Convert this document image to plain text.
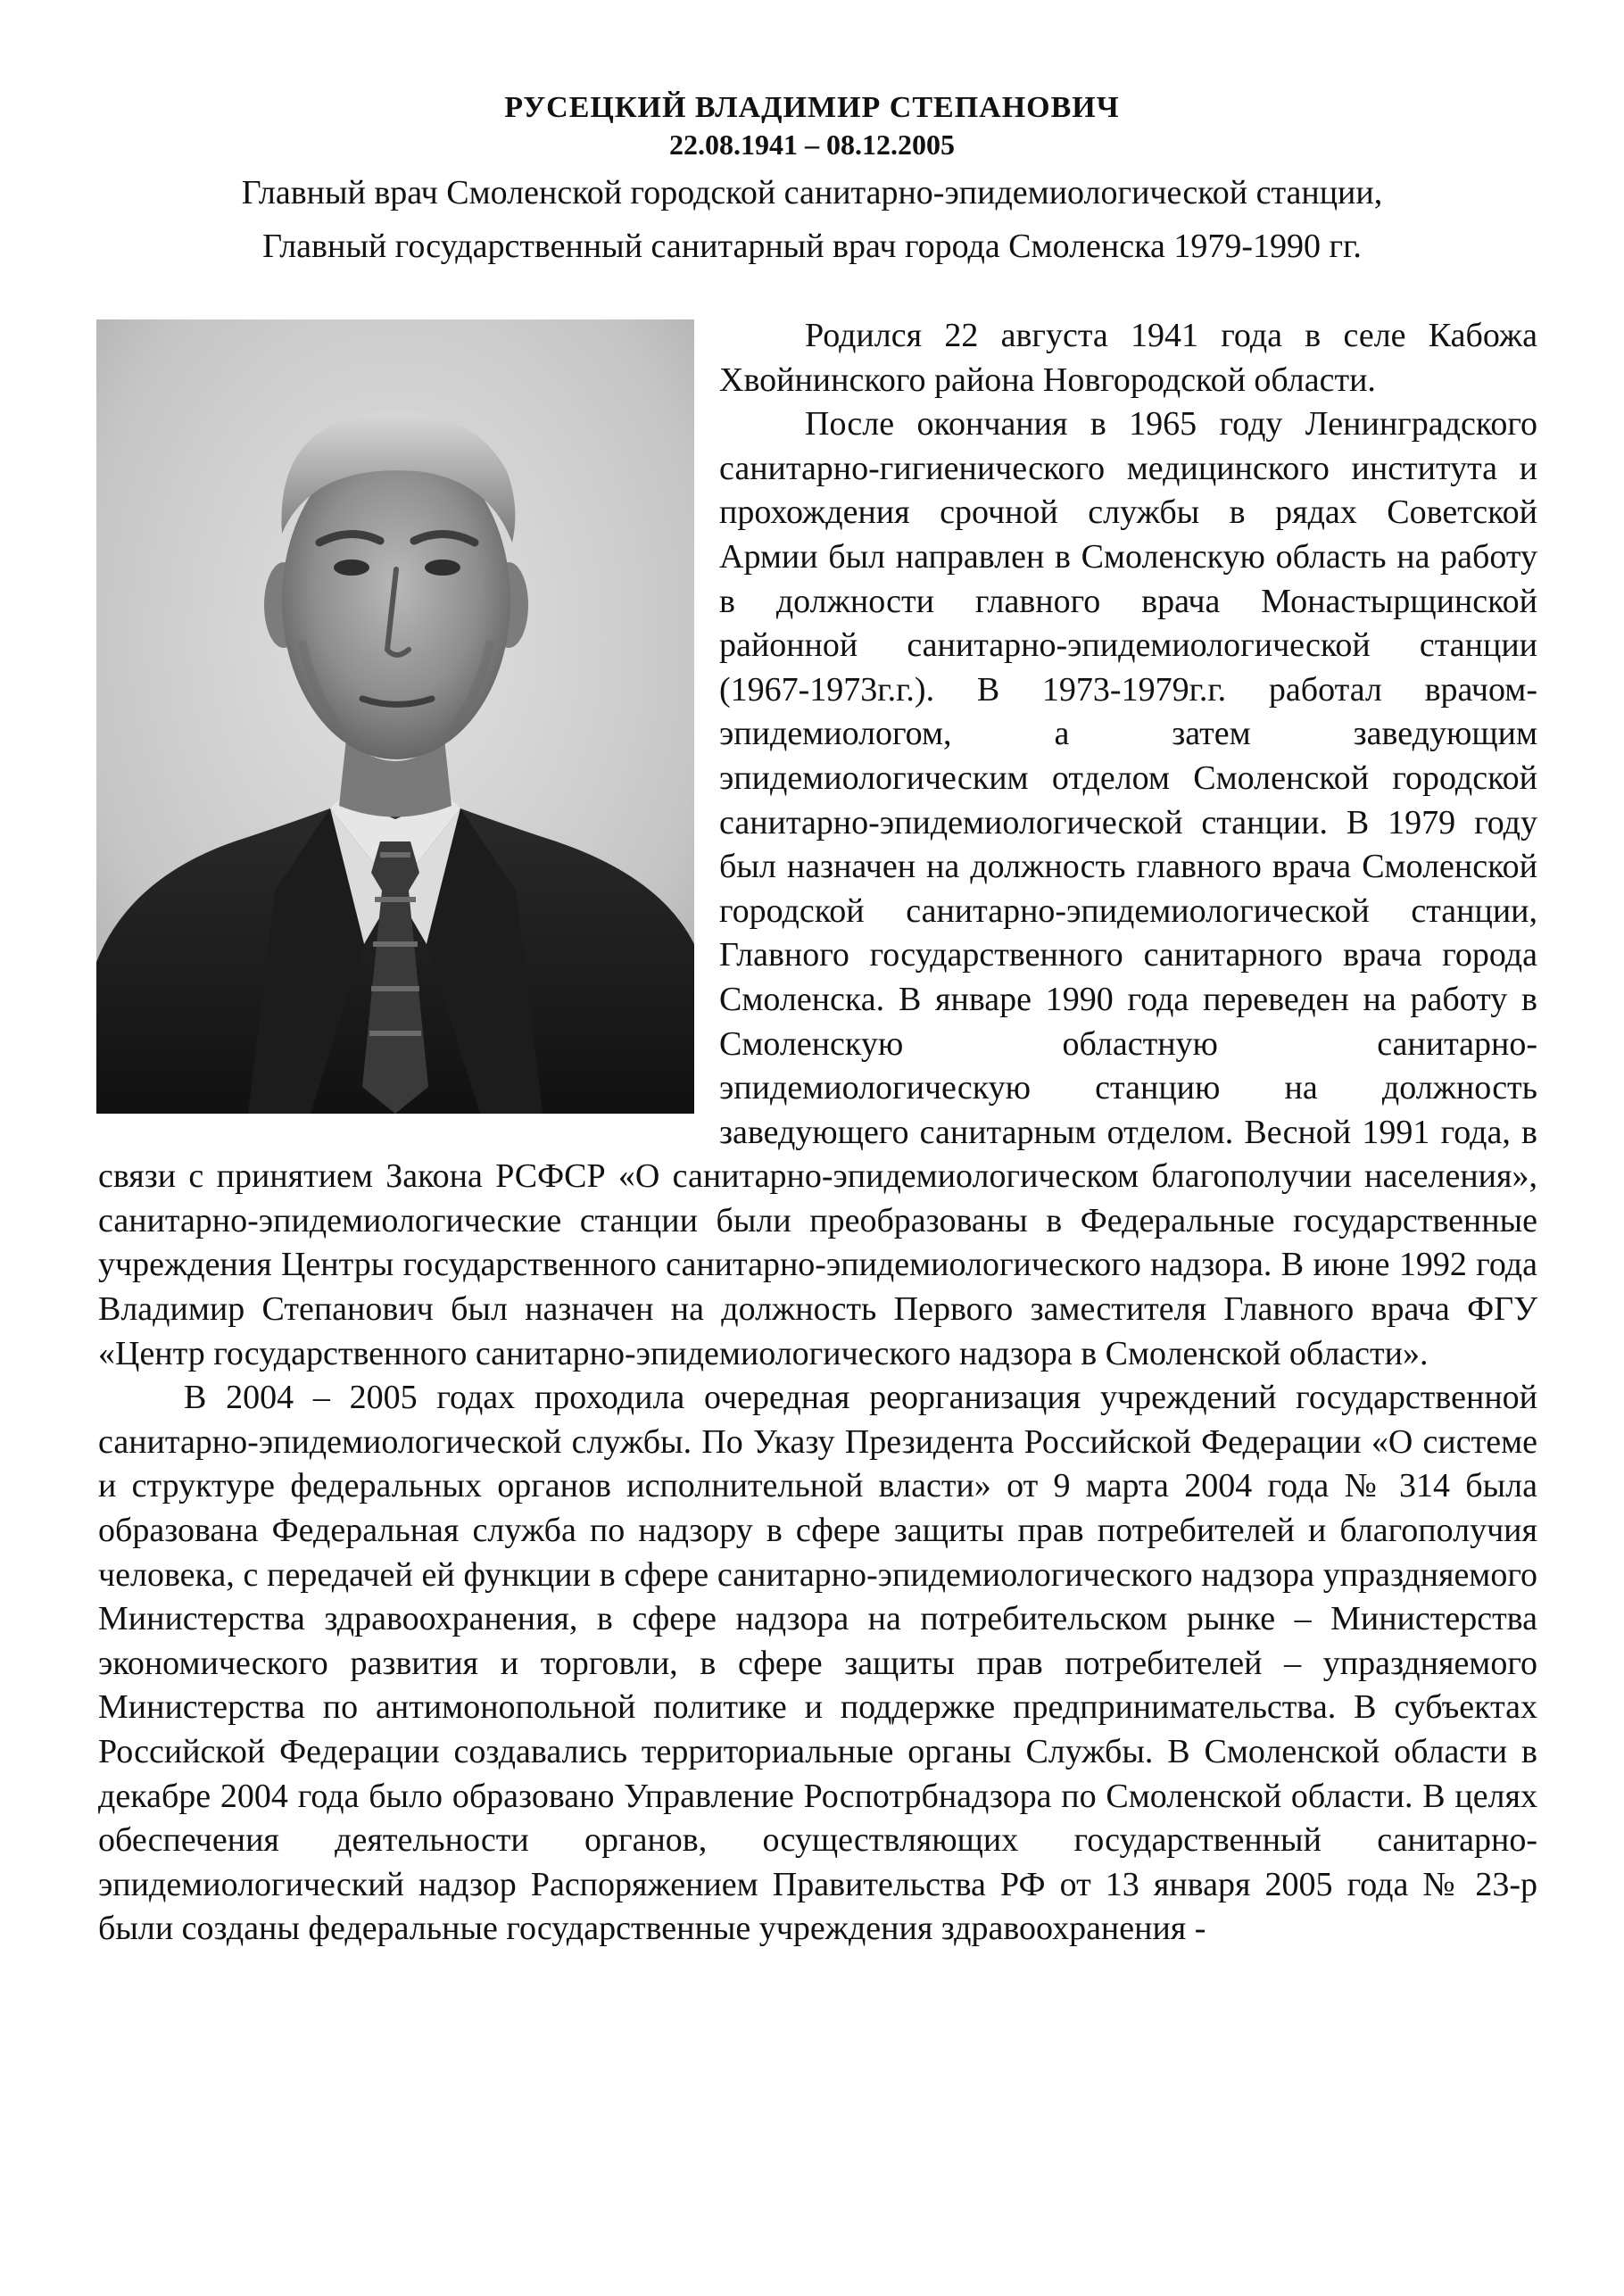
РУСЕЦКИЙ ВЛАДИМИР СТЕПАНОВИЧ
22.08.1941 – 08.12.2005
Главный врач Смоленской городской санитарно-эпидемиологической станции,
Главный государственный санитарный врач города Смоленска 1979-1990 гг.

Родился 22 августа 1941 года в селе Кабожа Хвойнинского района Новгородской области.

После окончания в 1965 году Ленинградского санитарно-гигиенического медицинского института и прохождения срочной службы в рядах Советской Армии был направлен в Смоленскую область на работу в должности главного врача Монастырщинской районной санитарно-эпидемиологической станции (1967-1973г.г.). В 1973-1979г.г. работал врачом-эпидемиологом, а затем заведующим эпидемиологическим отделом Смоленской городской санитарно-эпидемиологической станции. В 1979 году был назначен на должность главного врача Смоленской городской санитарно-эпидемиологической станции, Главного государственного санитарного врача города Смоленска. В январе 1990 года переведен на работу в Смоленскую областную санитарно-эпидемиологическую станцию на должность заведующего санитарным отделом. Весной 1991 года, в связи с принятием Закона РСФСР «О санитарно-эпидемиологическом благополучии населения», санитарно-эпидемиологические станции были преобразованы в Федеральные государственные учреждения Центры государственного санитарно-эпидемиологического надзора. В июне 1992 года Владимир Степанович был назначен на должность Первого заместителя Главного врача ФГУ «Центр государственного санитарно-эпидемиологического надзора в Смоленской области».

В 2004 – 2005 годах проходила очередная реорганизация учреждений государственной санитарно-эпидемиологической службы. По Указу Президента Российской Федерации «О системе и структуре федеральных органов исполнительной власти» от 9 марта 2004 года № 314 была образована Федеральная служба по надзору в сфере защиты прав потребителей и благополучия человека, с передачей ей функции в сфере санитарно-эпидемиологического надзора упраздняемого Министерства здравоохранения, в сфере надзора на потребительском рынке – Министерства экономического развития и торговли, в сфере защиты прав потребителей – упраздняемого Министерства по антимонопольной политике и поддержке предпринимательства. В субъектах Российской Федерации создавались территориальные органы Службы. В Смоленской области в декабре 2004 года было образовано Управление Роспотрбнадзора по Смоленской области. В целях обеспечения деятельности органов, осуществляющих государственный санитарно-эпидемиологический надзор Распоряжением Правительства РФ от 13 января 2005 года № 23-р были созданы федеральные государственные учреждения здравоохранения -
